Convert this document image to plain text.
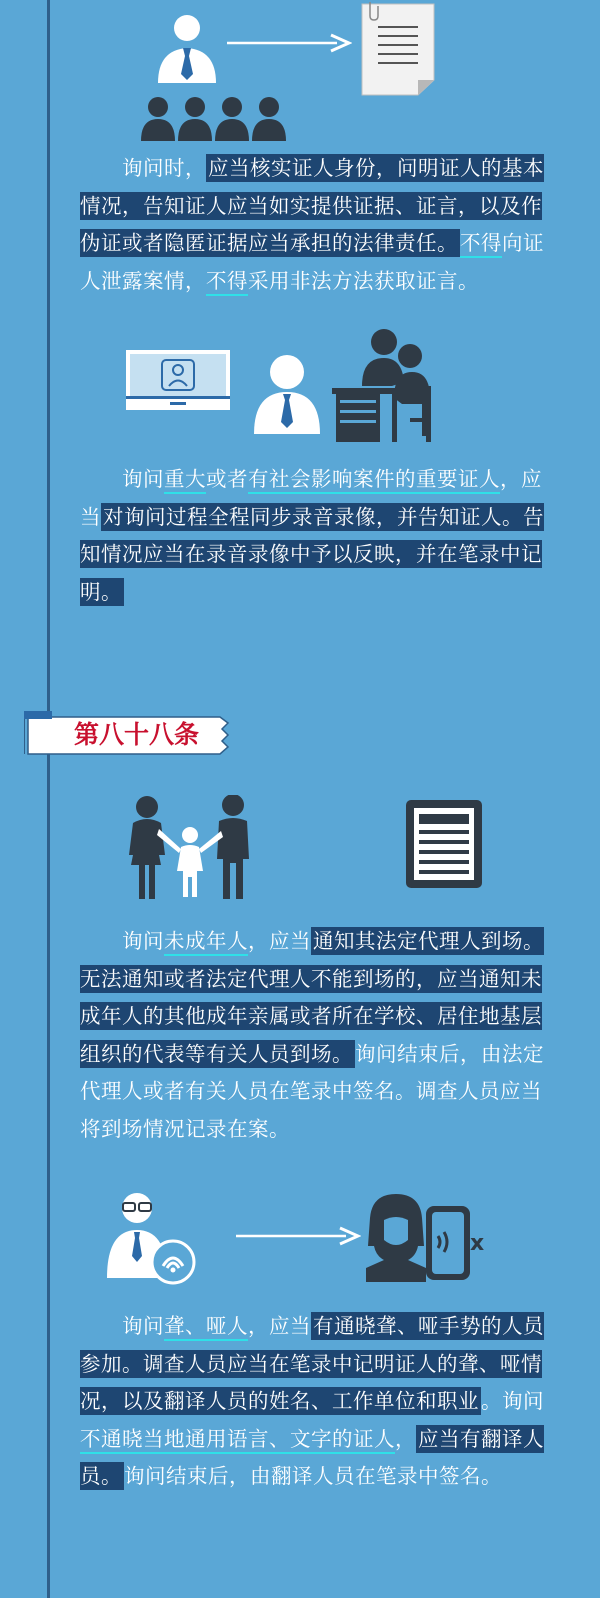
询问时，应当核实证人身份，问明证人的基本情况，告知证人应当如实提供证据、证言，以及作伪证或者隐匿证据应当承担的法律责任。不得向证人泄露案情，不得采用非法方法获取证言。
询问重大或者有社会影响案件的重要证人，应当对询问过程全程同步录音录像，并告知证人。告知情况应当在录音录像中予以反映，并在笔录中记明。
第八十八条
询问未成年人，应当通知其法定代理人到场。无法通知或者法定代理人不能到场的，应当通知未成年人的其他成年亲属或者所在学校、居住地基层组织的代表等有关人员到场。询问结束后，由法定代理人或者有关人员在笔录中签名。调查人员应当将到场情况记录在案。
x
询问聋、哑人，应当有通晓聋、哑手势的人员参加。调查人员应当在笔录中记明证人的聋、哑情况，以及翻译人员的姓名、工作单位和职业。询问不通晓当地通用语言、文字的证人，应当有翻译人员。询问结束后，由翻译人员在笔录中签名。
